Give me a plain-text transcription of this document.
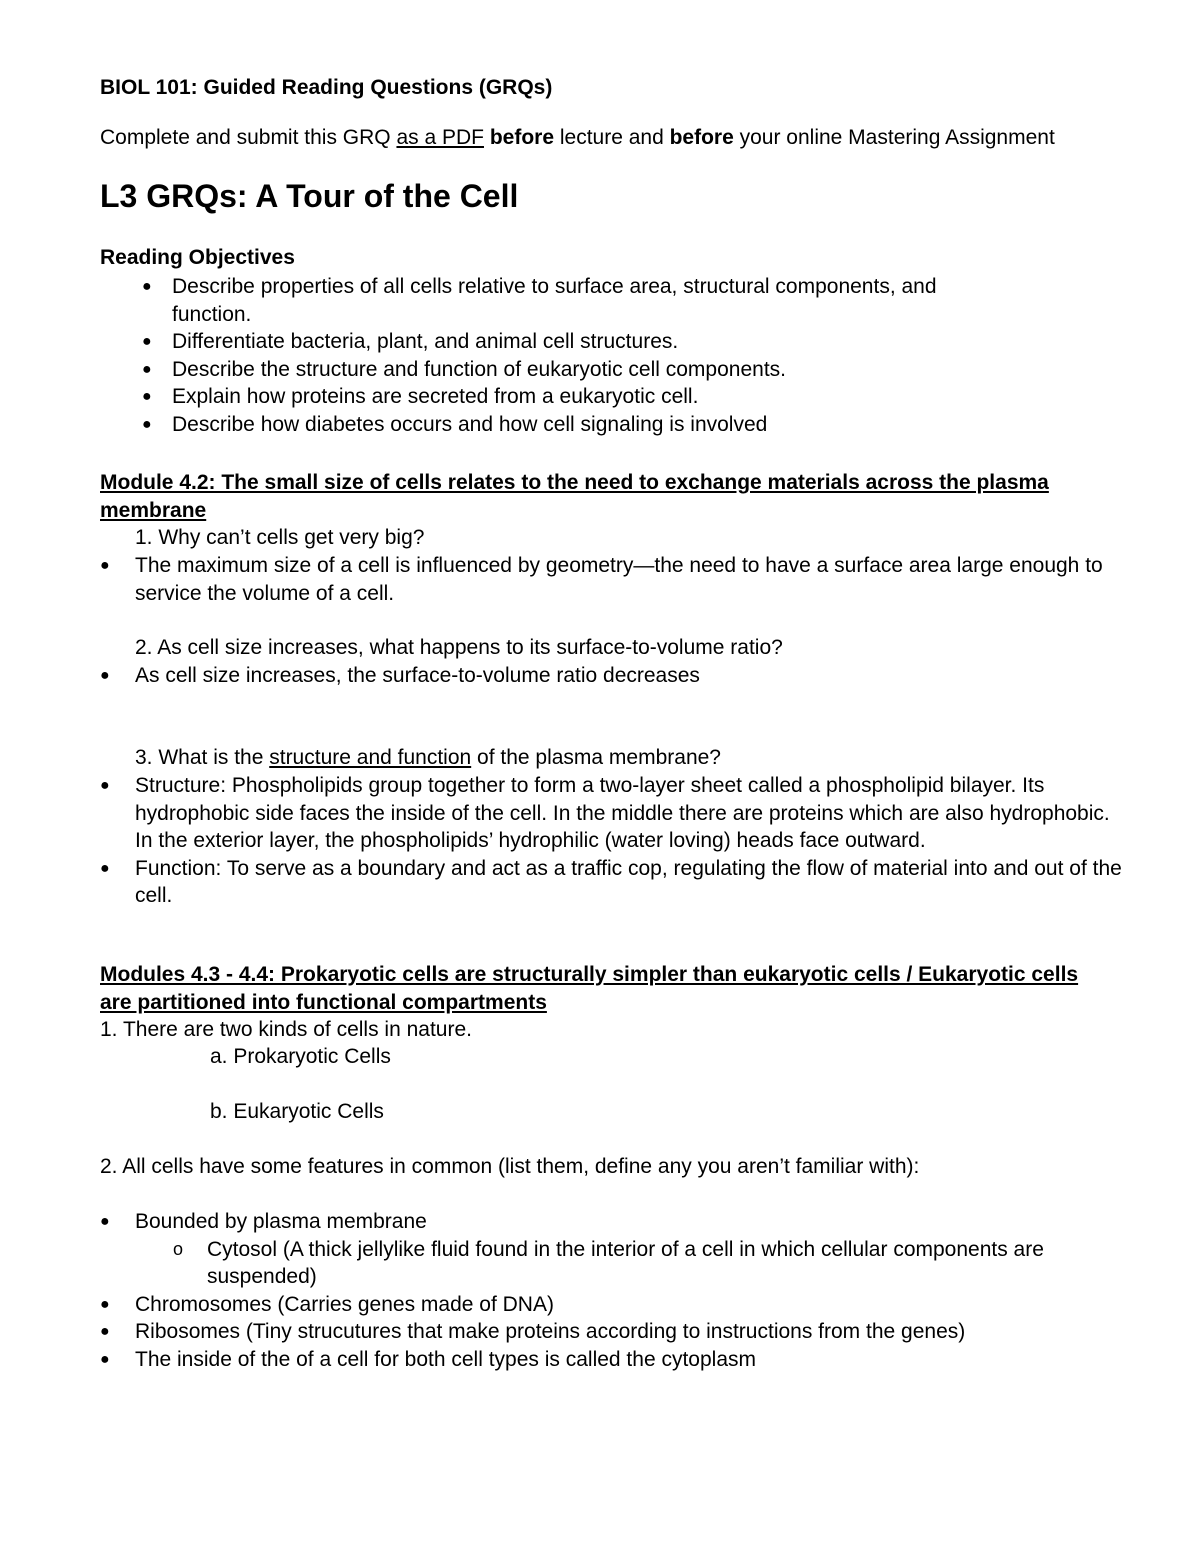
BIOL 101: Guided Reading Questions (GRQs)
Complete and submit this GRQ as a PDF before lecture and before your online Mastering Assignment
L3 GRQs: A Tour of the Cell
Reading Objectives
● Describe properties of all cells relative to surface area, structural components, and
function.
● Differentiate bacteria, plant, and animal cell structures.
● Describe the structure and function of eukaryotic cell components.
● Explain how proteins are secreted from a eukaryotic cell.
● Describe how diabetes occurs and how cell signaling is involved
Module 4.2: The small size of cells relates to the need to exchange materials across the plasma membrane
1. Why can’t cells get very big?
● The maximum size of a cell is influenced by geometry—the need to have a surface area large enough to service the volume of a cell.
2. As cell size increases, what happens to its surface-to-volume ratio?
● As cell size increases, the surface-to-volume ratio decreases
3. What is the structure and function of the plasma membrane?
● Structure: Phospholipids group together to form a two-layer sheet called a phospholipid bilayer. Its hydrophobic side faces the inside of the cell. In the middle there are proteins which are also hydrophobic. In the exterior layer, the phospholipids’ hydrophilic (water loving) heads face outward.
● Function: To serve as a boundary and act as a traffic cop, regulating the flow of material into and out of the cell.
Modules 4.3 - 4.4: Prokaryotic cells are structurally simpler than eukaryotic cells / Eukaryotic cells are partitioned into functional compartments
1. There are two kinds of cells in nature.
a. Prokaryotic Cells
b. Eukaryotic Cells
2. All cells have some features in common (list them, define any you aren’t familiar with):
● Bounded by plasma membrane
o Cytosol (A thick jellylike fluid found in the interior of a cell in which cellular components are suspended)
● Chromosomes (Carries genes made of DNA)
● Ribosomes (Tiny strucutures that make proteins according to instructions from the genes)
● The inside of the of a cell for both cell types is called the cytoplasm
